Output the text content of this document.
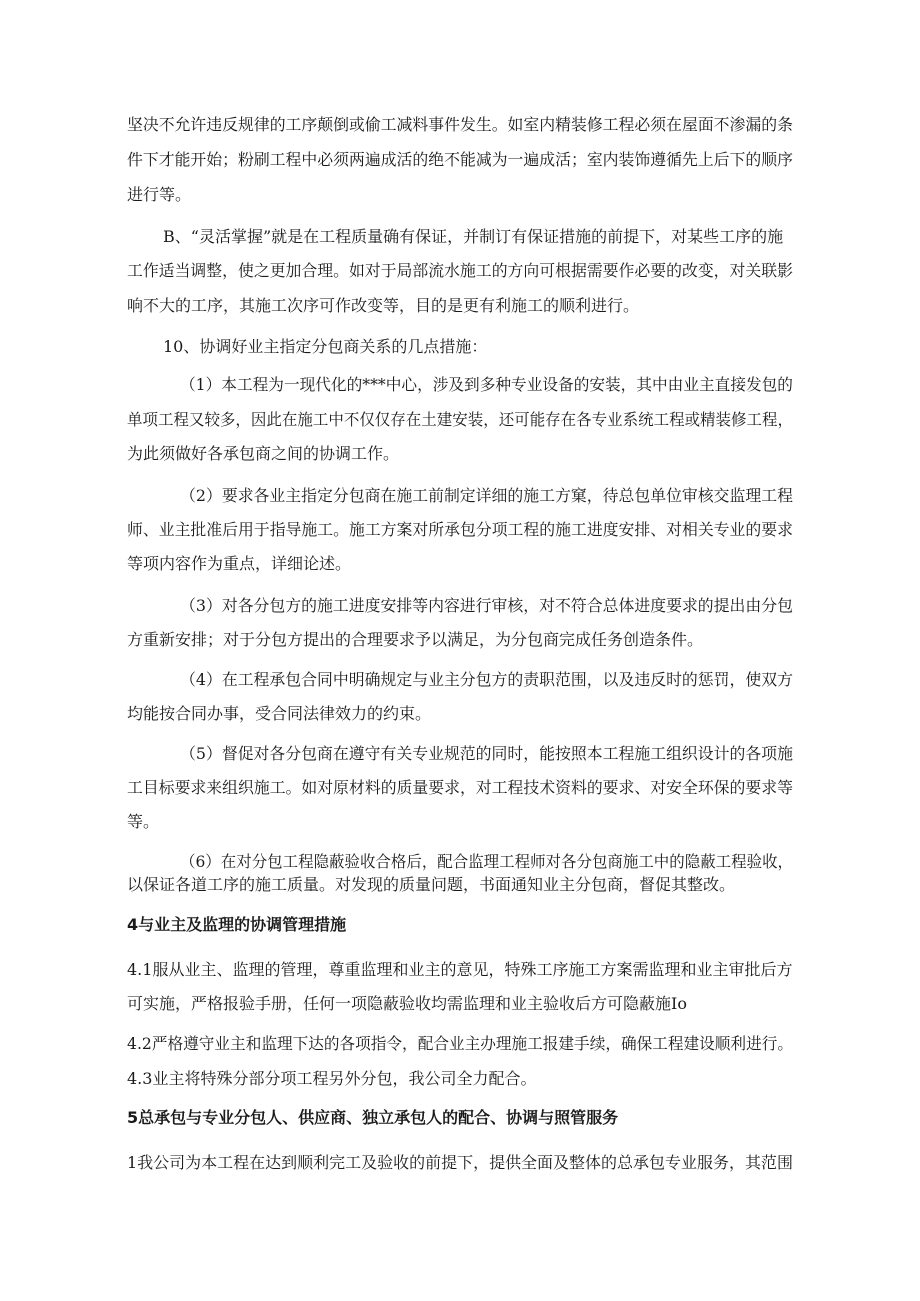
坚决不允许违反规律的工序颠倒或偷工减料事件发生。如室内精装修工程必须在屋面不渗漏的条
件下才能开始；粉刷工程中必须两遍成活的绝不能减为一遍成活；室内装饰遵循先上后下的顺序
进行等。
B、“灵活掌握”就是在工程质量确有保证，并制订有保证措施的前提下，对某些工序的施
工作适当调整，使之更加合理。如对于局部流水施工的方向可根据需要作必要的改变，对关联影
响不大的工序，其施工次序可作改变等，目的是更有利施工的顺利进行。
10、协调好业主指定分包商关系的几点措施：
（1）本工程为一现代化的***中心，涉及到多种专业设备的安装，其中由业主直接发包的
单项工程又较多，因此在施工中不仅仅存在土建安装，还可能存在各专业系统工程或精装修工程，
为此须做好各承包商之间的协调工作。
（2）要求各业主指定分包商在施工前制定详细的施工方窠，待总包单位审核交监理工程
师、业主批准后用于指导施工。施工方案对所承包分项工程的施工进度安排、对相关专业的要求
等项内容作为重点，详细论述。
（3）对各分包方的施工进度安排等内容进行审核，对不符合总体进度要求的提出由分包
方重新安排；对于分包方提出的合理要求予以满足，为分包商完成任务创造条件。
（4）在工程承包合同中明确规定与业主分包方的责职范围，以及违反时的惩罚，使双方
均能按合同办事，受合同法律效力的约束。
（5）督促对各分包商在遵守有关专业规范的同时，能按照本工程施工组织设计的各项施
工目标要求来组织施工。如对原材料的质量要求，对工程技术资料的要求、对安全环保的要求等
等。
（6）在对分包工程隐蔽验收合格后，配合监理工程师对各分包商施工中的隐蔽工程验收，
以保证各道工序的施工质量。对发现的质量问题，书面通知业主分包商，督促其整改。
4与业主及监理的协调管理措施
4.1服从业主、监理的管理，尊重监理和业主的意见，特殊工序施工方案需监理和业主审批后方
可实施，严格报验手册，任何一项隐蔽验收均需监理和业主验收后方可隐蔽施Io
4.2严格遵守业主和监理下达的各项指令，配合业主办理施工报建手续，确保工程建设顺利进行。
4.3业主将特殊分部分项工程另外分包，我公司全力配合。
5总承包与专业分包人、供应商、独立承包人的配合、协调与照管服务
1我公司为本工程在达到顺利完工及验收的前提下，提供全面及整体的总承包专业服务，其范围
